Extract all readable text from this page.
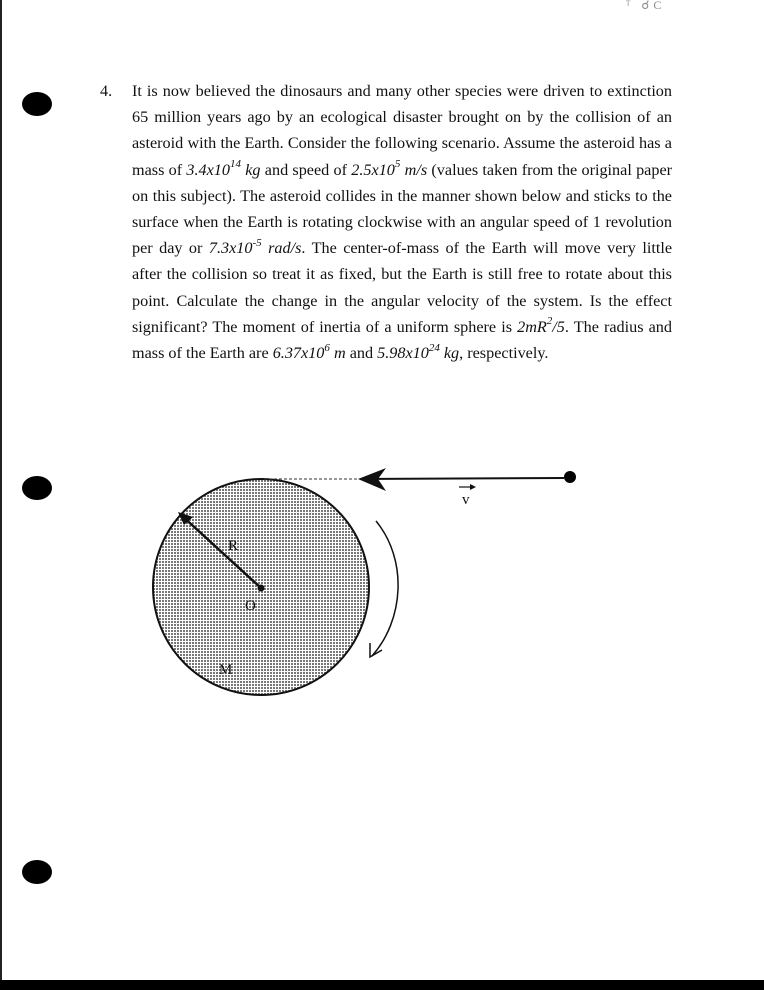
ᵀ ☌C
4. It is now believed the dinosaurs and many other species were driven to extinction 65 million years ago by an ecological disaster brought on by the collision of an asteroid with the Earth. Consider the following scenario. Assume the asteroid has a mass of $3.4x10^{14}$ kg and speed of $2.5x10^5$ m/s (values taken from the original paper on this subject). The asteroid collides in the manner shown below and sticks to the surface when the Earth is rotating clockwise with an angular speed of 1 revolution per day or $7.3x10^{-5}$ rad/s. The center-of-mass of the Earth will move very little after the collision so treat it as fixed, but the Earth is still free to rotate about this point. Calculate the change in the angular velocity of the system. Is the effect significant? The moment of inertia of a uniform sphere is $2mR^2/5$. The radius and mass of the Earth are $6.37x10^6$ m and $5.98x10^{24}$ kg, respectively.
R
O
M
v
